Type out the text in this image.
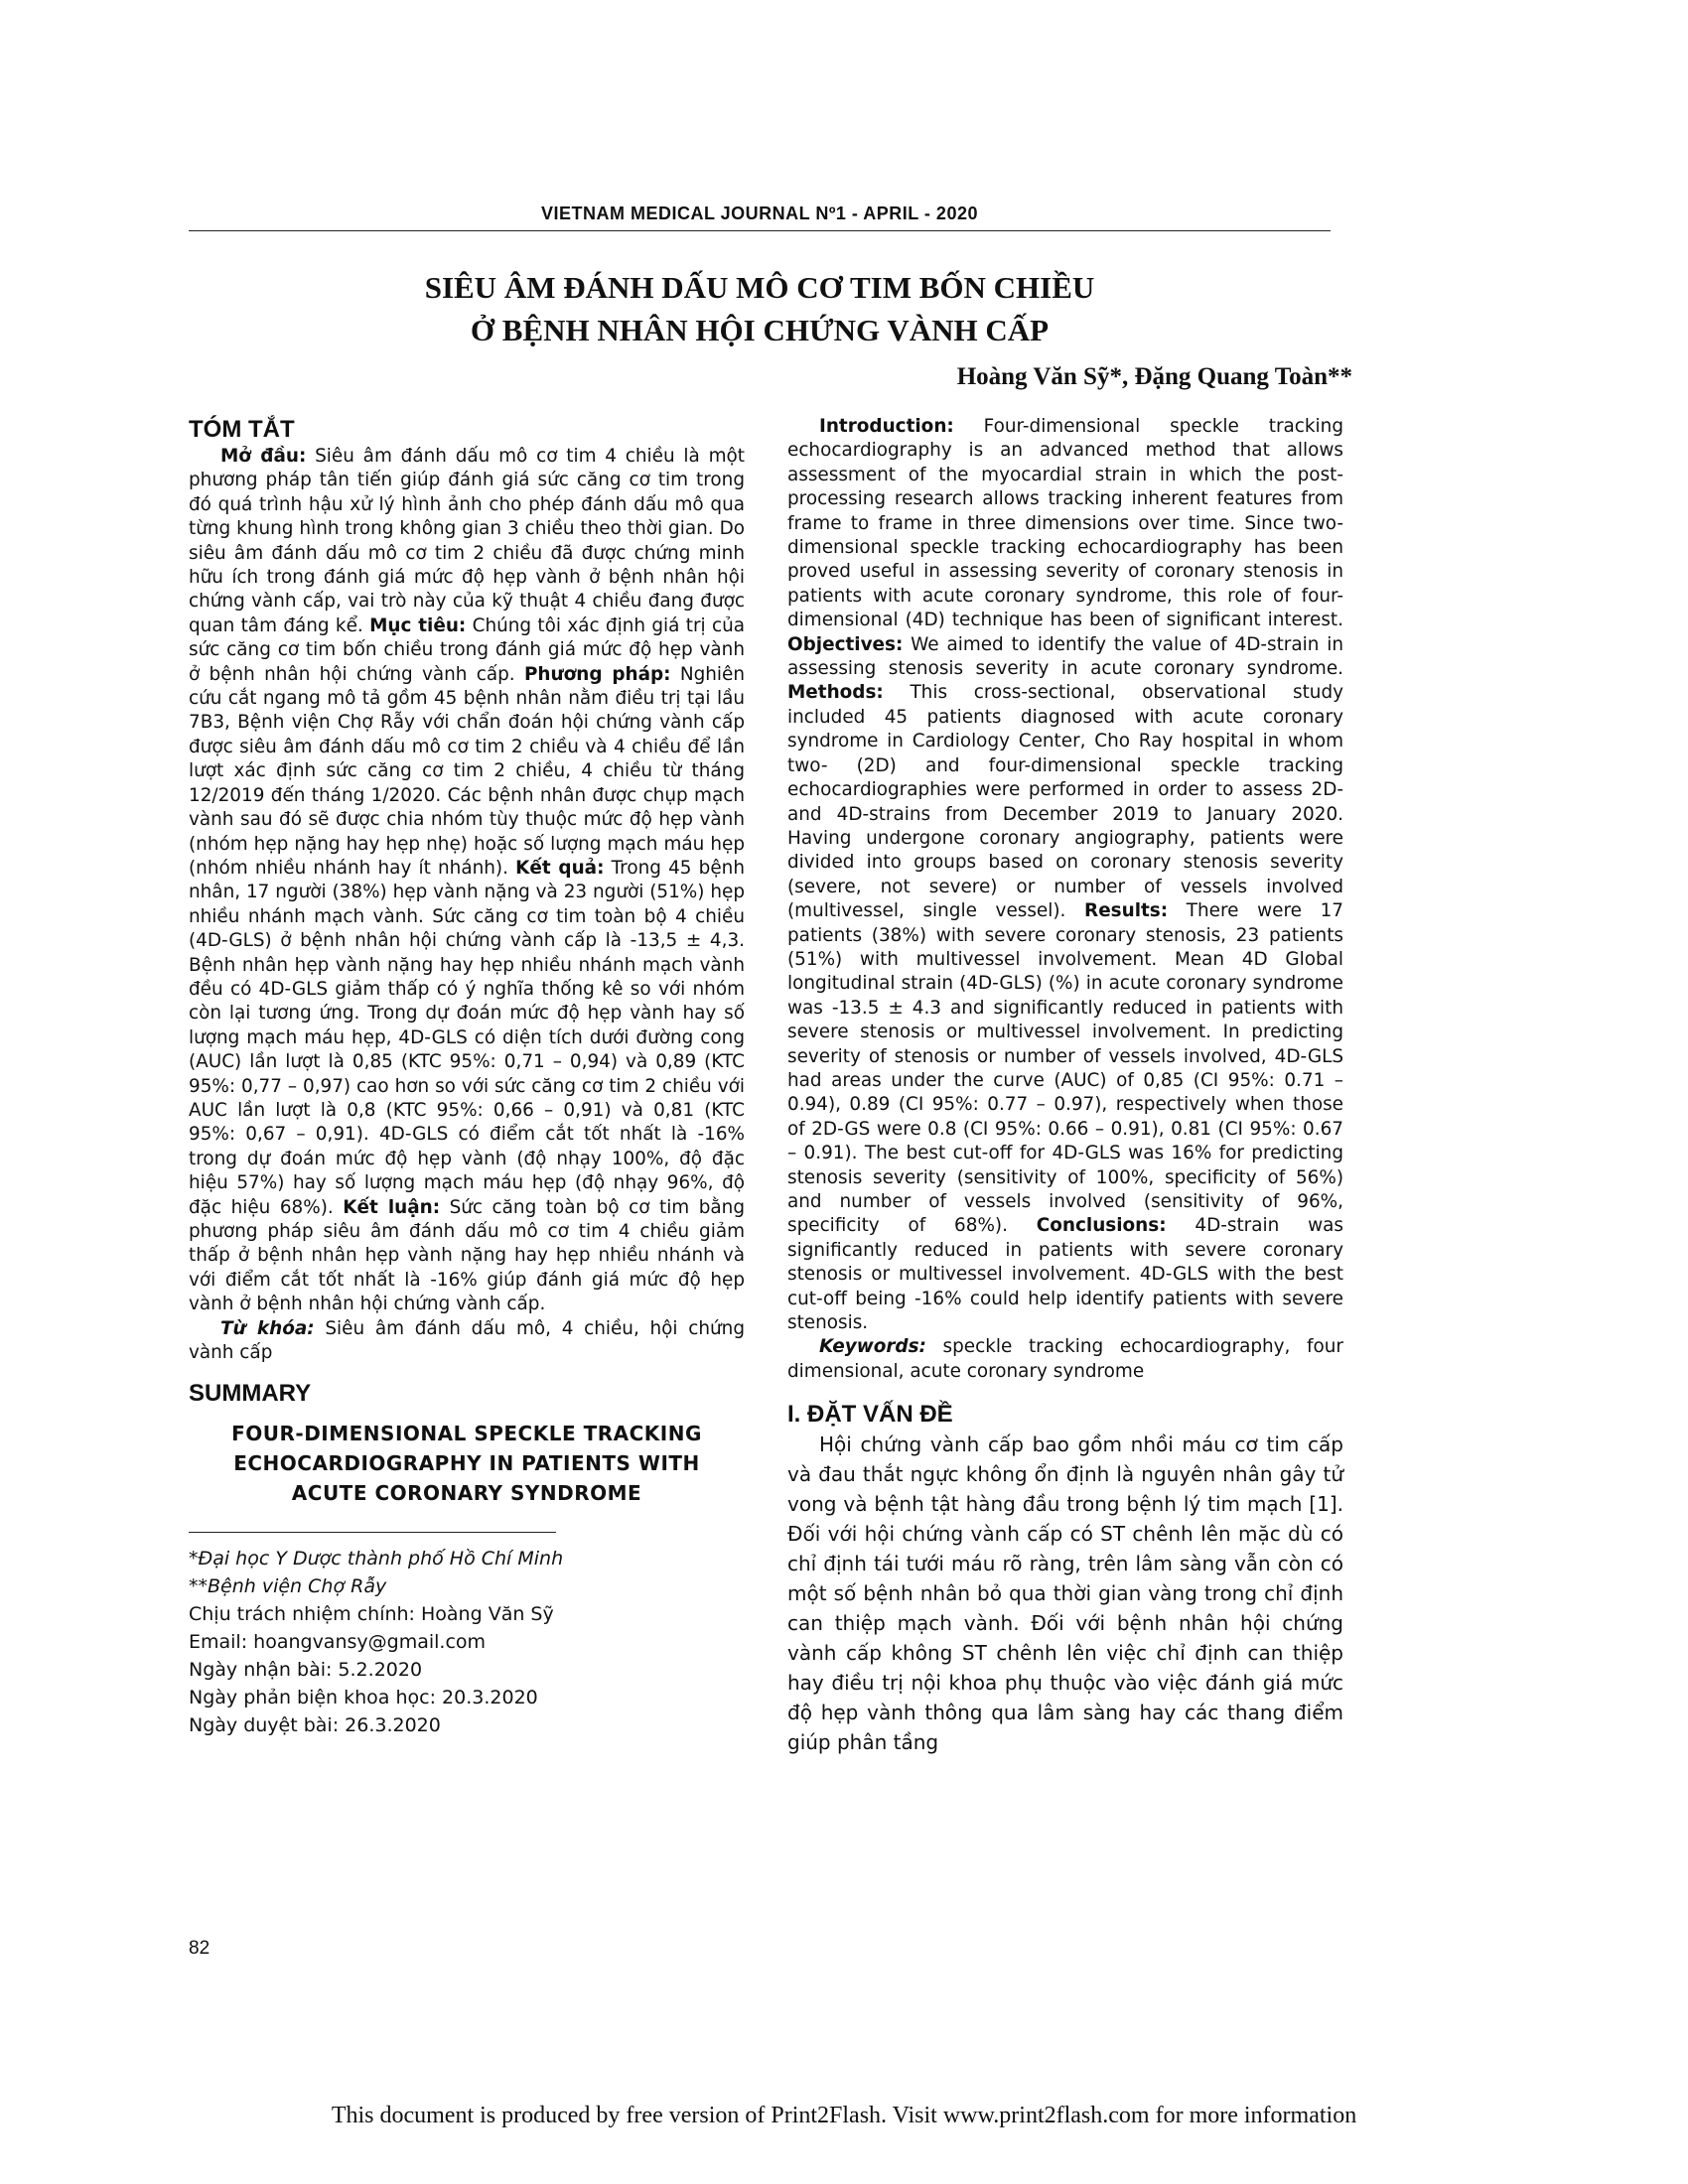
VIETNAM MEDICAL JOURNAL Nº1 - APRIL - 2020
SIÊU ÂM ĐÁNH DẤU MÔ CƠ TIM BỐN CHIỀU
Ở BỆNH NHÂN HỘI CHỨNG VÀNH CẤP
Hoàng Văn Sỹ*, Đặng Quang Toàn**
TÓM TẮT

Mở đầu: Siêu âm đánh dấu mô cơ tim 4 chiều là một phương pháp tân tiến giúp đánh giá sức căng cơ tim trong đó quá trình hậu xử lý hình ảnh cho phép đánh dấu mô qua từng khung hình trong không gian 3 chiều theo thời gian. Do siêu âm đánh dấu mô cơ tim 2 chiều đã được chứng minh hữu ích trong đánh giá mức độ hẹp vành ở bệnh nhân hội chứng vành cấp, vai trò này của kỹ thuật 4 chiều đang được quan tâm đáng kể. Mục tiêu: Chúng tôi xác định giá trị của sức căng cơ tim bốn chiều trong đánh giá mức độ hẹp vành ở bệnh nhân hội chứng vành cấp. Phương pháp: Nghiên cứu cắt ngang mô tả gồm 45 bệnh nhân nằm điều trị tại lầu 7B3, Bệnh viện Chợ Rẫy với chẩn đoán hội chứng vành cấp được siêu âm đánh dấu mô cơ tim 2 chiều và 4 chiều để lần lượt xác định sức căng cơ tim 2 chiều, 4 chiều từ tháng 12/2019 đến tháng 1/2020. Các bệnh nhân được chụp mạch vành sau đó sẽ được chia nhóm tùy thuộc mức độ hẹp vành (nhóm hẹp nặng hay hẹp nhẹ) hoặc số lượng mạch máu hẹp (nhóm nhiều nhánh hay ít nhánh). Kết quả: Trong 45 bệnh nhân, 17 người (38%) hẹp vành nặng và 23 người (51%) hẹp nhiều nhánh mạch vành. Sức căng cơ tim toàn bộ 4 chiều (4D-GLS) ở bệnh nhân hội chứng vành cấp là -13,5 ± 4,3. Bệnh nhân hẹp vành nặng hay hẹp nhiều nhánh mạch vành đều có 4D-GLS giảm thấp có ý nghĩa thống kê so với nhóm còn lại tương ứng. Trong dự đoán mức độ hẹp vành hay số lượng mạch máu hẹp, 4D-GLS có diện tích dưới đường cong (AUC) lần lượt là 0,85 (KTC 95%: 0,71 – 0,94) và 0,89 (KTC 95%: 0,77 – 0,97) cao hơn so với sức căng cơ tim 2 chiều với AUC lần lượt là 0,8 (KTC 95%: 0,66 – 0,91) và 0,81 (KTC 95%: 0,67 – 0,91). 4D-GLS có điểm cắt tốt nhất là -16% trong dự đoán mức độ hẹp vành (độ nhạy 100%, độ đặc hiệu 57%) hay số lượng mạch máu hẹp (độ nhạy 96%, độ đặc hiệu 68%). Kết luận: Sức căng toàn bộ cơ tim bằng phương pháp siêu âm đánh dấu mô cơ tim 4 chiều giảm thấp ở bệnh nhân hẹp vành nặng hay hẹp nhiều nhánh và với điểm cắt tốt nhất là -16% giúp đánh giá mức độ hẹp vành ở bệnh nhân hội chứng vành cấp.

Từ khóa: Siêu âm đánh dấu mô, 4 chiều, hội chứng vành cấp

SUMMARY
FOUR-DIMENSIONAL SPECKLE TRACKING
ECHOCARDIOGRAPHY IN PATIENTS WITH
ACUTE CORONARY SYNDROME
*Đại học Y Dược thành phố Hồ Chí Minh
**Bệnh viện Chợ Rẫy
Chịu trách nhiệm chính: Hoàng Văn Sỹ
Email: hoangvansy@gmail.com
Ngày nhận bài: 5.2.2020
Ngày phản biện khoa học: 20.3.2020
Ngày duyệt bài: 26.3.2020

Introduction: Four-dimensional speckle tracking echocardiography is an advanced method that allows assessment of the myocardial strain in which the post-processing research allows tracking inherent features from frame to frame in three dimensions over time. Since two-dimensional speckle tracking echocardiography has been proved useful in assessing severity of coronary stenosis in patients with acute coronary syndrome, this role of four-dimensional (4D) technique has been of significant interest. Objectives: We aimed to identify the value of 4D-strain in assessing stenosis severity in acute coronary syndrome. Methods: This cross-sectional, observational study included 45 patients diagnosed with acute coronary syndrome in Cardiology Center, Cho Ray hospital in whom two- (2D) and four-dimensional speckle tracking echocardiographies were performed in order to assess 2D- and 4D-strains from December 2019 to January 2020. Having undergone coronary angiography, patients were divided into groups based on coronary stenosis severity (severe, not severe) or number of vessels involved (multivessel, single vessel). Results: There were 17 patients (38%) with severe coronary stenosis, 23 patients (51%) with multivessel involvement. Mean 4D Global longitudinal strain (4D-GLS) (%) in acute coronary syndrome was -13.5 ± 4.3 and significantly reduced in patients with severe stenosis or multivessel involvement. In predicting severity of stenosis or number of vessels involved, 4D-GLS had areas under the curve (AUC) of 0,85 (CI 95%: 0.71 – 0.94), 0.89 (CI 95%: 0.77 – 0.97), respectively when those of 2D-GS were 0.8 (CI 95%: 0.66 – 0.91), 0.81 (CI 95%: 0.67 – 0.91). The best cut-off for 4D-GLS was 16% for predicting stenosis severity (sensitivity of 100%, specificity of 56%) and number of vessels involved (sensitivity of 96%, specificity of 68%). Conclusions: 4D-strain was significantly reduced in patients with severe coronary stenosis or multivessel involvement. 4D-GLS with the best cut-off being -16% could help identify patients with severe stenosis.

Keywords: speckle tracking echocardiography, four dimensional, acute coronary syndrome

I. ĐẶT VẤN ĐỀ

Hội chứng vành cấp bao gồm nhồi máu cơ tim cấp và đau thắt ngực không ổn định là nguyên nhân gây tử vong và bệnh tật hàng đầu trong bệnh lý tim mạch [1]. Đối với hội chứng vành cấp có ST chênh lên mặc dù có chỉ định tái tưới máu rõ ràng, trên lâm sàng vẫn còn có một số bệnh nhân bỏ qua thời gian vàng trong chỉ định can thiệp mạch vành. Đối với bệnh nhân hội chứng vành cấp không ST chênh lên việc chỉ định can thiệp hay điều trị nội khoa phụ thuộc vào việc đánh giá mức độ hẹp vành thông qua lâm sàng hay các thang điểm giúp phân tầng

82
This document is produced by free version of Print2Flash. Visit www.print2flash.com for more information
